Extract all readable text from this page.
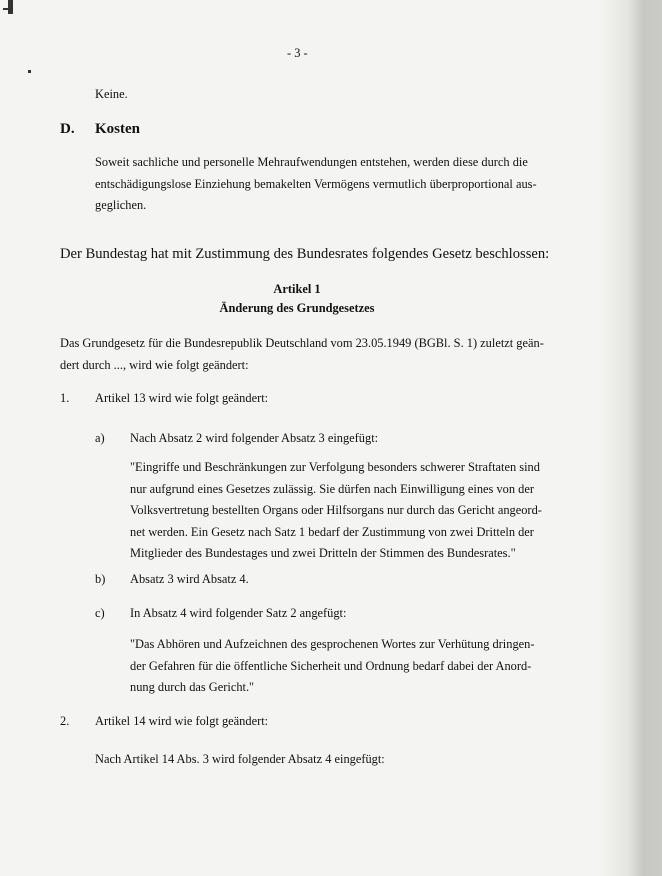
- 3 -
Keine.
D. Kosten
Soweit sachliche und personelle Mehraufwendungen entstehen, werden diese durch die
entschädigungslose Einziehung bemakelten Vermögens vermutlich überproportional aus-
geglichen.
Der Bundestag hat mit Zustimmung des Bundesrates folgendes Gesetz beschlossen:
Artikel 1
Änderung des Grundgesetzes
Das Grundgesetz für die Bundesrepublik Deutschland vom 23.05.1949 (BGBl. S. 1) zuletzt geän-
dert durch ..., wird wie folgt geändert:
1. Artikel 13 wird wie folgt geändert:
a) Nach Absatz 2 wird folgender Absatz 3 eingefügt:
"Eingriffe und Beschränkungen zur Verfolgung besonders schwerer Straftaten sind
nur aufgrund eines Gesetzes zulässig. Sie dürfen nach Einwilligung eines von der
Volksvertretung bestellten Organs oder Hilfsorgans nur durch das Gericht angeord-
net werden. Ein Gesetz nach Satz 1 bedarf der Zustimmung von zwei Dritteln der
Mitglieder des Bundestages und zwei Dritteln der Stimmen des Bundesrates."
b) Absatz 3 wird Absatz 4.
c) In Absatz 4 wird folgender Satz 2 angefügt:
"Das Abhören und Aufzeichnen des gesprochenen Wortes zur Verhütung dringen-
der Gefahren für die öffentliche Sicherheit und Ordnung bedarf dabei der Anord-
nung durch das Gericht."
2. Artikel 14 wird wie folgt geändert:
Nach Artikel 14 Abs. 3 wird folgender Absatz 4 eingefügt:
